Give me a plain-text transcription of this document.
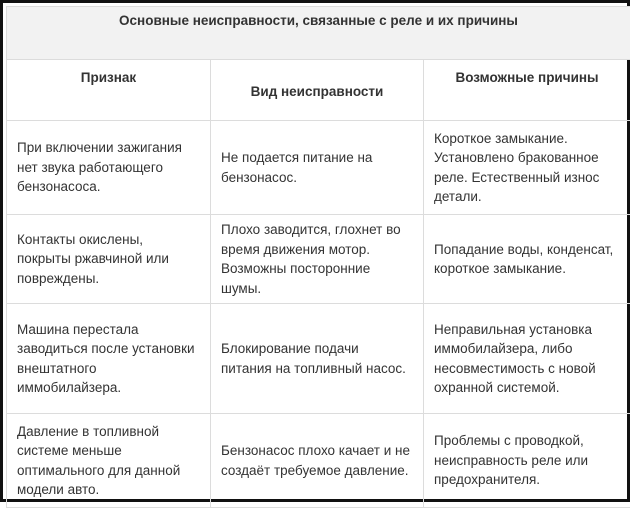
Основные неисправности, связанные с реле и их причины		
Признак	Вид неисправности	Возможные причины
При включении зажигания нет звука работающего бензонасоса.	Не подается питание на бензонасос.	Короткое замыкание. Установлено бракованное реле. Естественный износ детали.
Контакты окислены, покрыты ржавчиной или повреждены.	Плохо заводится, глохнет во время движения мотор. Возможны посторонние шумы.	Попадание воды, конденсат, короткое замыкание.
Машина перестала заводиться после установки внештатного иммобилайзера.	Блокирование подачи питания на топливный насос.	Неправильная установка иммобилайзера, либо несовместимость с новой охранной системой.
Давление в топливной системе меньше оптимального для данной модели авто.	Бензонасос плохо качает и не создаёт требуемое давление.	Проблемы с проводкой, неисправность реле или предохранителя.
